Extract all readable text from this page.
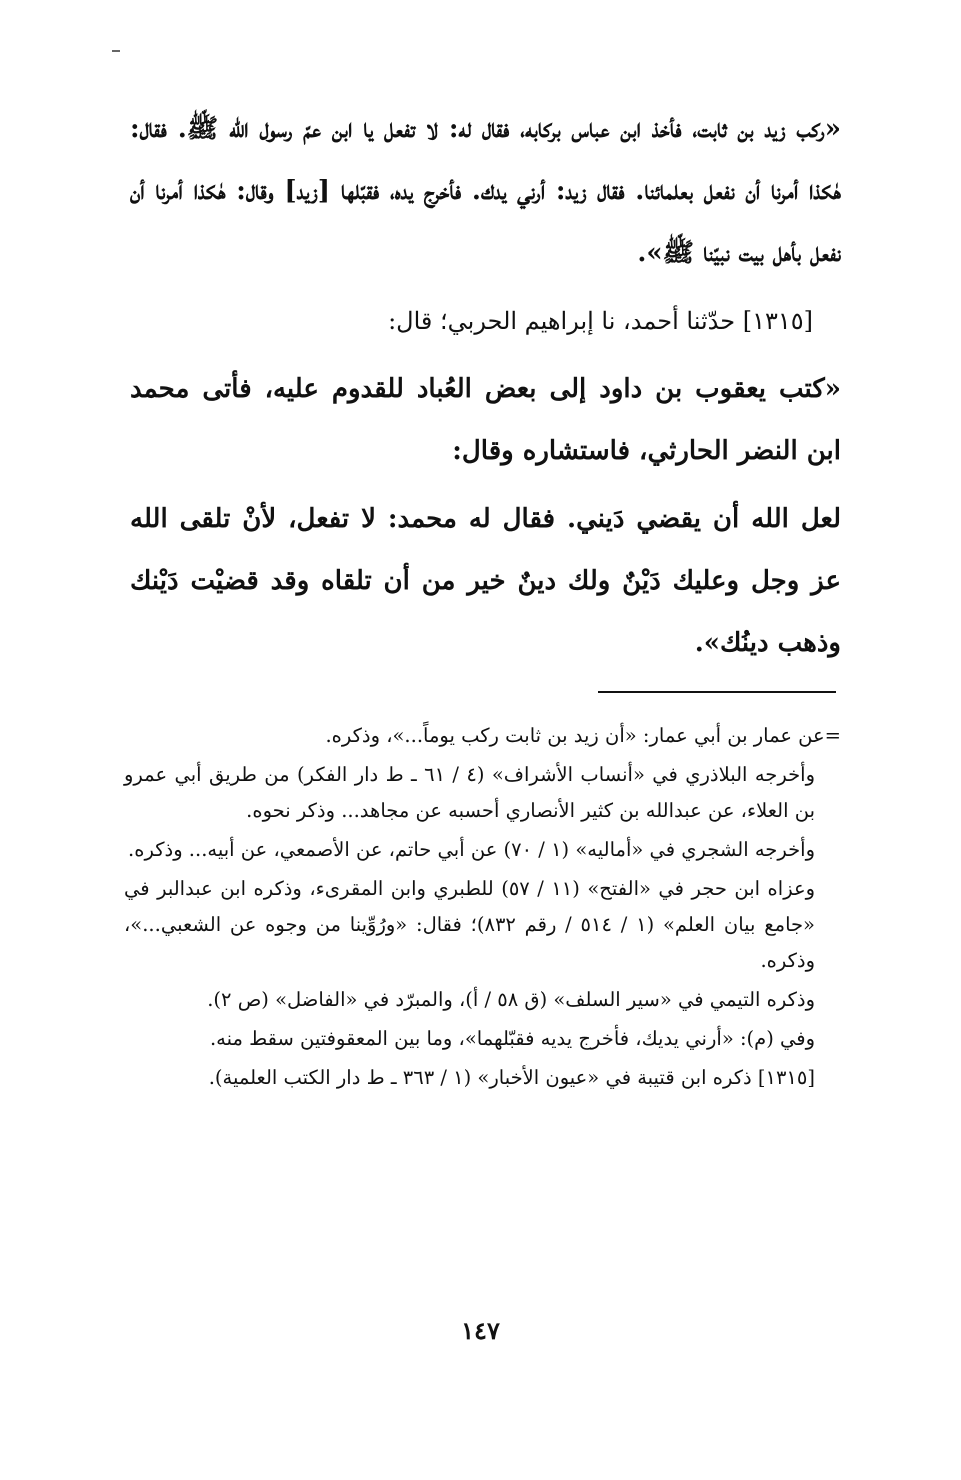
«ركب زيد بن ثابت، فأخذ ابن عباس بركابه، فقال له: لا تفعل يا ابن عمّ رسول الله ﷺ. فقال: هٰكذا أمرنا أن نفعل بعلمائنا. فقال زيد: أرني يدك. فأخرج يده، فقبّلها [زيد] وقال: هٰكذا أمرنا أن نفعل بأهل بيت نبيّنا ﷺ».

[١٣١٥] حدّثنا أحمد، نا إبراهيم الحربي؛ قال:

«كتب يعقوب بن داود إلى بعض العُباد للقدوم عليه، فأتى محمد ابن النضر الحارثي، فاستشاره وقال:

لعل الله أن يقضي دَيني. فقال له محمد: لا تفعل، لأنْ تلقى الله عز وجل وعليك دَيْنٌ ولك دينٌ خير من أن تلقاه وقد قضيْت دَيْنك وذهب دينُك».

=عن عمار بن أبي عمار: «أن زيد بن ثابت ركب يوماً...»، وذكره.

وأخرجه البلاذري في «أنساب الأشراف» (٤ / ٦١ ـ ط دار الفكر) من طريق أبي عمرو بن العلاء، عن عبدالله بن كثير الأنصاري أحسبه عن مجاهد... وذكر نحوه.

وأخرجه الشجري في «أماليه» (١ / ٧٠) عن أبي حاتم، عن الأصمعي، عن أبيه... وذكره.

وعزاه ابن حجر في «الفتح» (١١ / ٥٧) للطبري وابن المقرىء، وذكره ابن عبدالبر في «جامع بيان العلم» (١ / ٥١٤ / رقم ٨٣٢)؛ فقال: «ورُوِّينا من وجوه عن الشعبي...»، وذكره.

وذكره التيمي في «سير السلف» (ق ٥٨ / أ)، والمبرّد في «الفاضل» (ص ٢).

وفي (م): «أرني يديك، فأخرج يديه فقبّلهما»، وما بين المعقوفتين سقط منه.

[١٣١٥] ذكره ابن قتيبة في «عيون الأخبار» (١ / ٣٦٣ ـ ط دار الكتب العلمية).

١٤٧
